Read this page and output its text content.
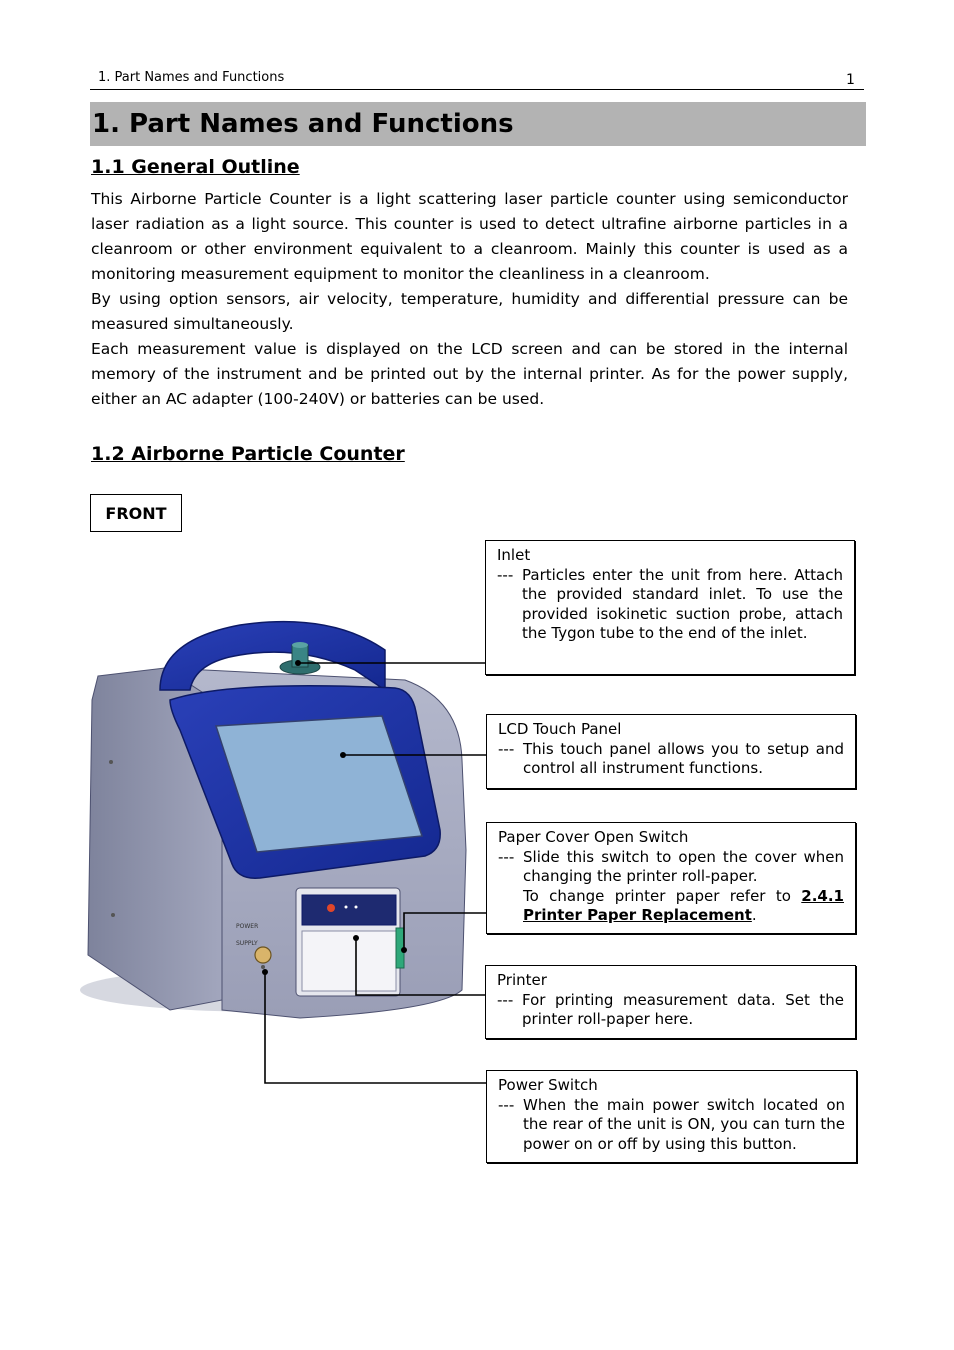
1. Part Names and Functions	1
1. Part Names and Functions
1.1 General Outline

This Airborne Particle Counter is a light scattering laser particle counter using semiconductor laser radiation as a light source. This counter is used to detect ultrafine airborne particles in a cleanroom or other environment equivalent to a cleanroom. Mainly this counter is used as a monitoring measurement equipment to monitor the cleanliness in a cleanroom.

By using option sensors, air velocity, temperature, humidity and differential pressure can be measured simultaneously.

Each measurement value is displayed on the LCD screen and can be stored in the internal memory of the instrument and be printed out by the internal printer. As for the power supply, either an AC adapter (100-240V) or batteries can be used.

1.2 Airborne Particle Counter
FRONT
POWER
SUPPLY
Inlet
--- Particles enter the unit from here. Attach the provided standard inlet. To use the provided isokinetic suction probe, attach the Tygon tube to the end of the inlet.
LCD Touch Panel
--- This touch panel allows you to setup and control all instrument functions.
Paper Cover Open Switch
--- Slide this switch to open the cover when changing the printer roll-paper.
To change printer paper refer to 2.4.1 Printer Paper Replacement.
Printer
--- For printing measurement data. Set the printer roll-paper here.
Power Switch
--- When the main power switch located on the rear of the unit is ON, you can turn the power on or off by using this button.
